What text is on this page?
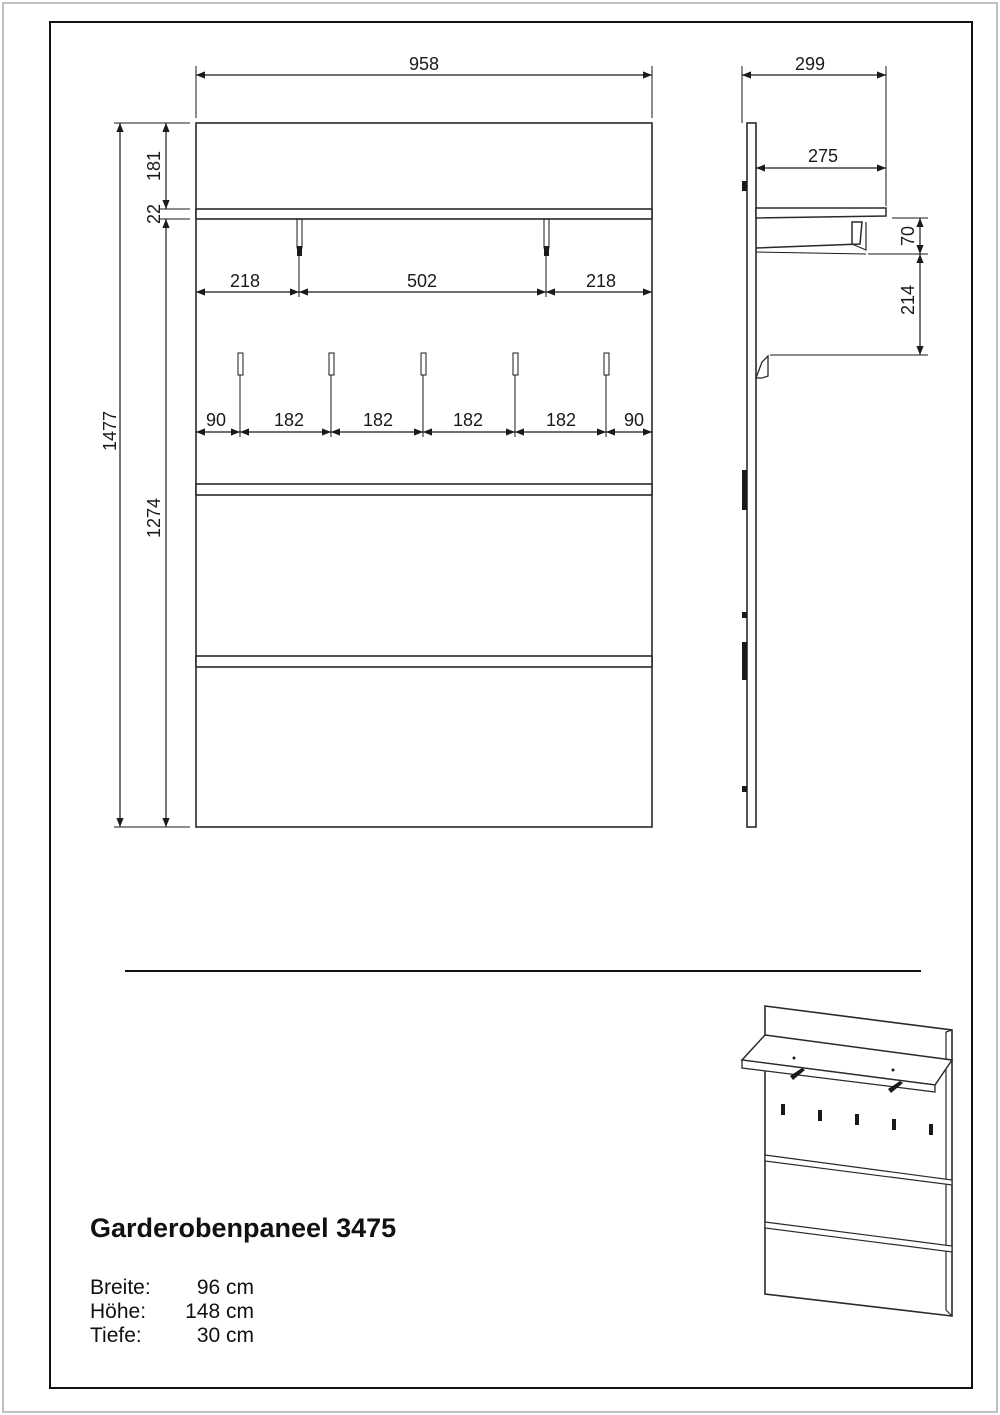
958
1477
181
22
1274
218	502	218
90	182	182	182	182	90
299
275
70
214
Garderobenpaneel 3475
Breite:	96 cm
Höhe:	148 cm
Tiefe:	30 cm
